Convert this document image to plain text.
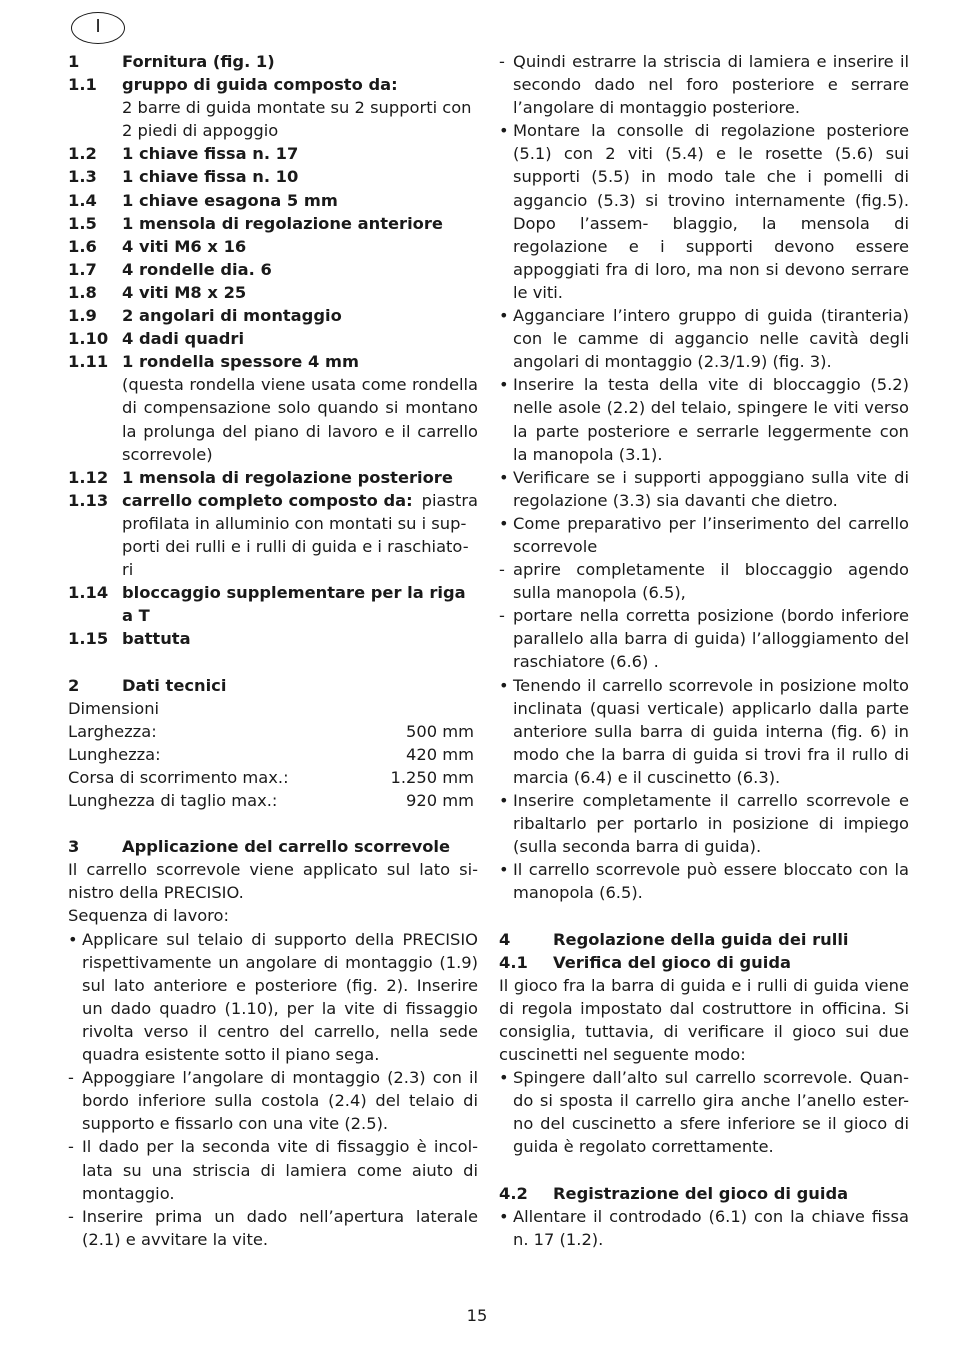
I
1	Fornitura (fig. 1)
1.1	gruppo di guida composto da:
2 barre di guida montate su 2 supporti con
2 piedi di appoggio
1.2	1 chiave fissa n. 17
1.3	1 chiave fissa n. 10
1.4	1 chiave esagona 5 mm
1.5	1 mensola di regolazione anteriore
1.6	4 viti M6 x 16
1.7	4 rondelle dia. 6
1.8	4 viti M8 x 25
1.9	2 angolari di montaggio
1.10 4 dadi quadri
1.11 1 rondella spessore 4 mm
(questa rondella viene usata come rondella di compensazione solo quando si montano la prolunga del piano di lavoro e il carrello scorrevole)
1.12 1 mensola di regolazione posteriore
1.13 carrello completo composto da: piastra
profilata in alluminio con montati su i sup-
porti dei rulli e i rulli di guida e i raschiato-
ri
1.14 bloccaggio supplementare per la riga a T
1.15 battuta
2	Dati tecnici
Dimensioni
Larghezza:	500 mm
Lunghezza:	420 mm
Corsa di scorrimento max.:	1.250 mm
Lunghezza di taglio max.:	920 mm
3	Applicazione del carrello scorrevole
Il carrello scorrevole viene applicato sul lato si- nistro della PRECISIO.
Sequenza di lavoro:
• Applicare sul telaio di supporto della PRECISIO rispettivamente un angolare di montaggio (1.9) sul lato anteriore e posteriore (fig. 2). Inserire un dado quadro (1.10), per la vite di fissaggio rivolta verso il centro del carrello, nella sede quadra esistente sotto il piano sega.
- Appoggiare l’angolare di montaggio (2.3) con il bordo inferiore sulla costola (2.4) del telaio di supporto e fissarlo con una vite (2.5).
- Il dado per la seconda vite di fissaggio è incol- lata su una striscia di lamiera come aiuto di montaggio.
- Inserire prima un dado nell’apertura laterale (2.1) e avvitare la vite.
- Quindi estrarre la striscia di lamiera e inserire il secondo dado nel foro posteriore e serrare l’angolare di montaggio posteriore.
• Montare la consolle di regolazione posteriore (5.1) con 2 viti (5.4) e le rosette (5.6) sui supporti (5.5) in modo tale che i pomelli di aggancio (5.3) si trovino internamente (fig.5). Dopo l’assem- blaggio, la mensola di regolazione e i supporti devono essere appoggiati fra di loro, ma non si devono serrare le viti.
• Agganciare l’intero gruppo di guida (tiranteria) con le camme di aggancio nelle cavità degli angolari di montaggio (2.3/1.9) (fig. 3).
• Inserire la testa della vite di bloccaggio (5.2) nelle asole (2.2) del telaio, spingere le viti verso la parte posteriore e serrarle leggermente con la manopola (3.1).
• Verificare se i supporti appoggiano sulla vite di regolazione (3.3) sia davanti che dietro.
• Come preparativo per l’inserimento del carrello scorrevole
- aprire completamente il bloccaggio agendo sulla manopola (6.5),
- portare nella corretta posizione (bordo inferiore parallelo alla barra di guida) l’alloggiamento del raschiatore (6.6) .
• Tenendo il carrello scorrevole in posizione molto inclinata (quasi verticale) applicarlo dalla parte anteriore sulla barra di guida interna (fig. 6) in modo che la barra di guida si trovi fra il rullo di marcia (6.4) e il cuscinetto (6.3).
• Inserire completamente il carrello scorrevole e ribaltarlo per portarlo in posizione di impiego (sulla seconda barra di guida).
• Il carrello scorrevole può essere bloccato con la manopola (6.5).
4	Regolazione della guida dei rulli
4.1	Verifica del gioco di guida
Il gioco fra la barra di guida e i rulli di guida viene di regola impostato dal costruttore in officina. Si consiglia, tuttavia, di verificare il gioco sui due cuscinetti nel seguente modo:
• Spingere dall’alto sul carrello scorrevole. Quan- do si sposta il carrello gira anche l’anello ester- no del cuscinetto a sfere inferiore se il gioco di guida è regolato correttamente.
4.2	Registrazione del gioco di guida
• Allentare il controdado (6.1) con la chiave fissa n. 17 (1.2).
15
